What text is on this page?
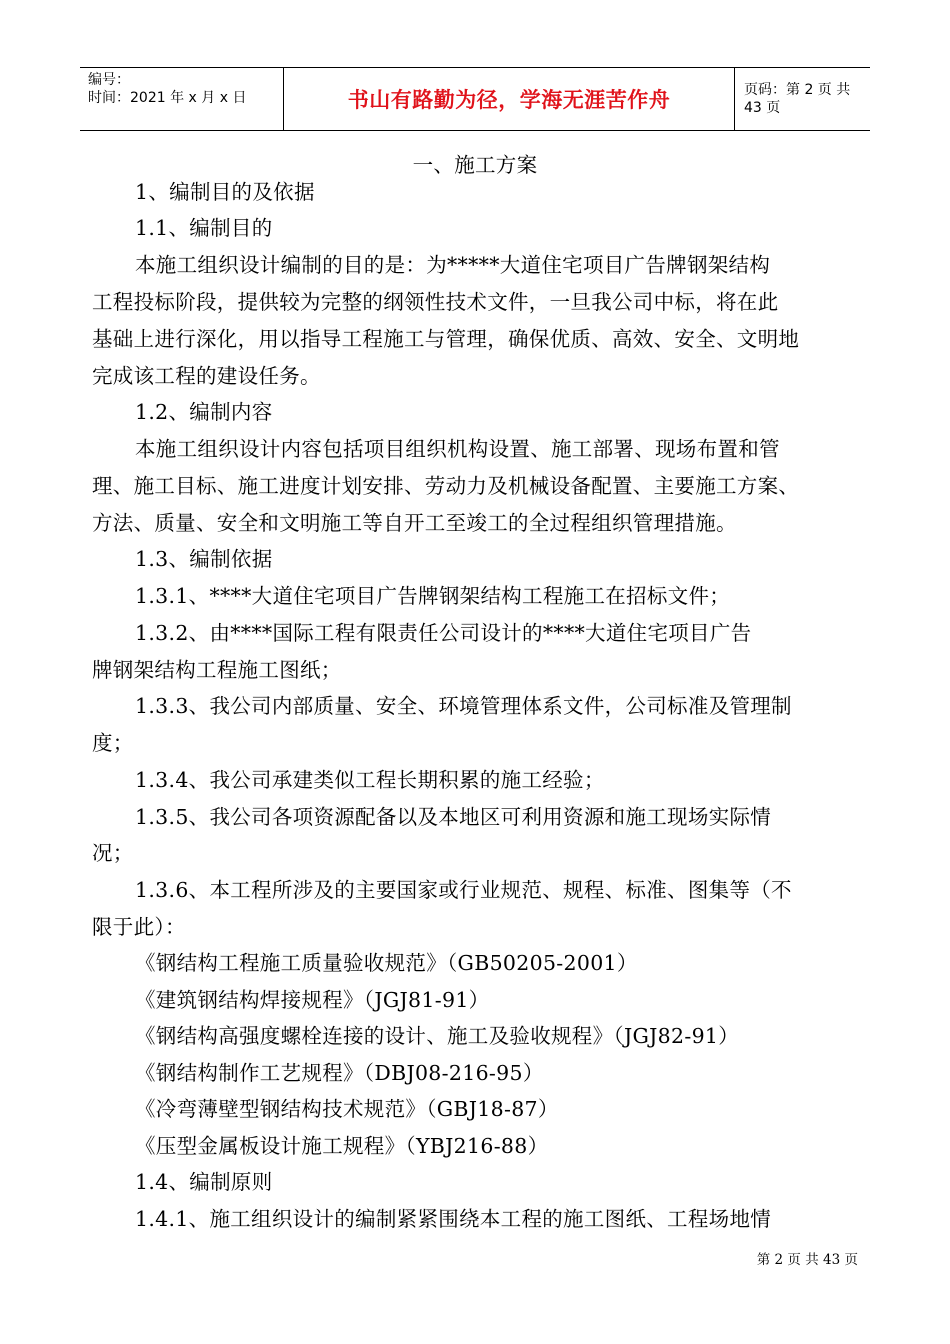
编号：
时间：2021 年 x 月 x 日	书山有路勤为径，学海无涯苦作舟	页码：第 2 页 共 43 页
一、施工方案
1、编制目的及依据
1.1、编制目的
本施工组织设计编制的目的是：为*****大道住宅项目广告牌钢架结构
工程投标阶段，提供较为完整的纲领性技术文件，一旦我公司中标，将在此
基础上进行深化，用以指导工程施工与管理，确保优质、高效、安全、文明地
完成该工程的建设任务。
1.2、编制内容
本施工组织设计内容包括项目组织机构设置、施工部署、现场布置和管
理、施工目标、施工进度计划安排、劳动力及机械设备配置、主要施工方案、
方法、质量、安全和文明施工等自开工至竣工的全过程组织管理措施。
1.3、编制依据
1.3.1、****大道住宅项目广告牌钢架结构工程施工在招标文件；
1.3.2、由****国际工程有限责任公司设计的****大道住宅项目广告
牌钢架结构工程施工图纸；
1.3.3、我公司内部质量、安全、环境管理体系文件，公司标准及管理制
度；
1.3.4、我公司承建类似工程长期积累的施工经验；
1.3.5、我公司各项资源配备以及本地区可利用资源和施工现场实际情
况；
1.3.6、本工程所涉及的主要国家或行业规范、规程、标准、图集等（不
限于此）：
《钢结构工程施工质量验收规范》（GB50205-2001）
《建筑钢结构焊接规程》（JGJ81-91）
《钢结构高强度螺栓连接的设计、施工及验收规程》（JGJ82-91）
《钢结构制作工艺规程》（DBJ08-216-95）
《冷弯薄壁型钢结构技术规范》（GBJ18-87）
《压型金属板设计施工规程》（YBJ216-88）
1.4、编制原则
1.4.1、施工组织设计的编制紧紧围绕本工程的施工图纸、工程场地情
第 2 页 共 43 页
